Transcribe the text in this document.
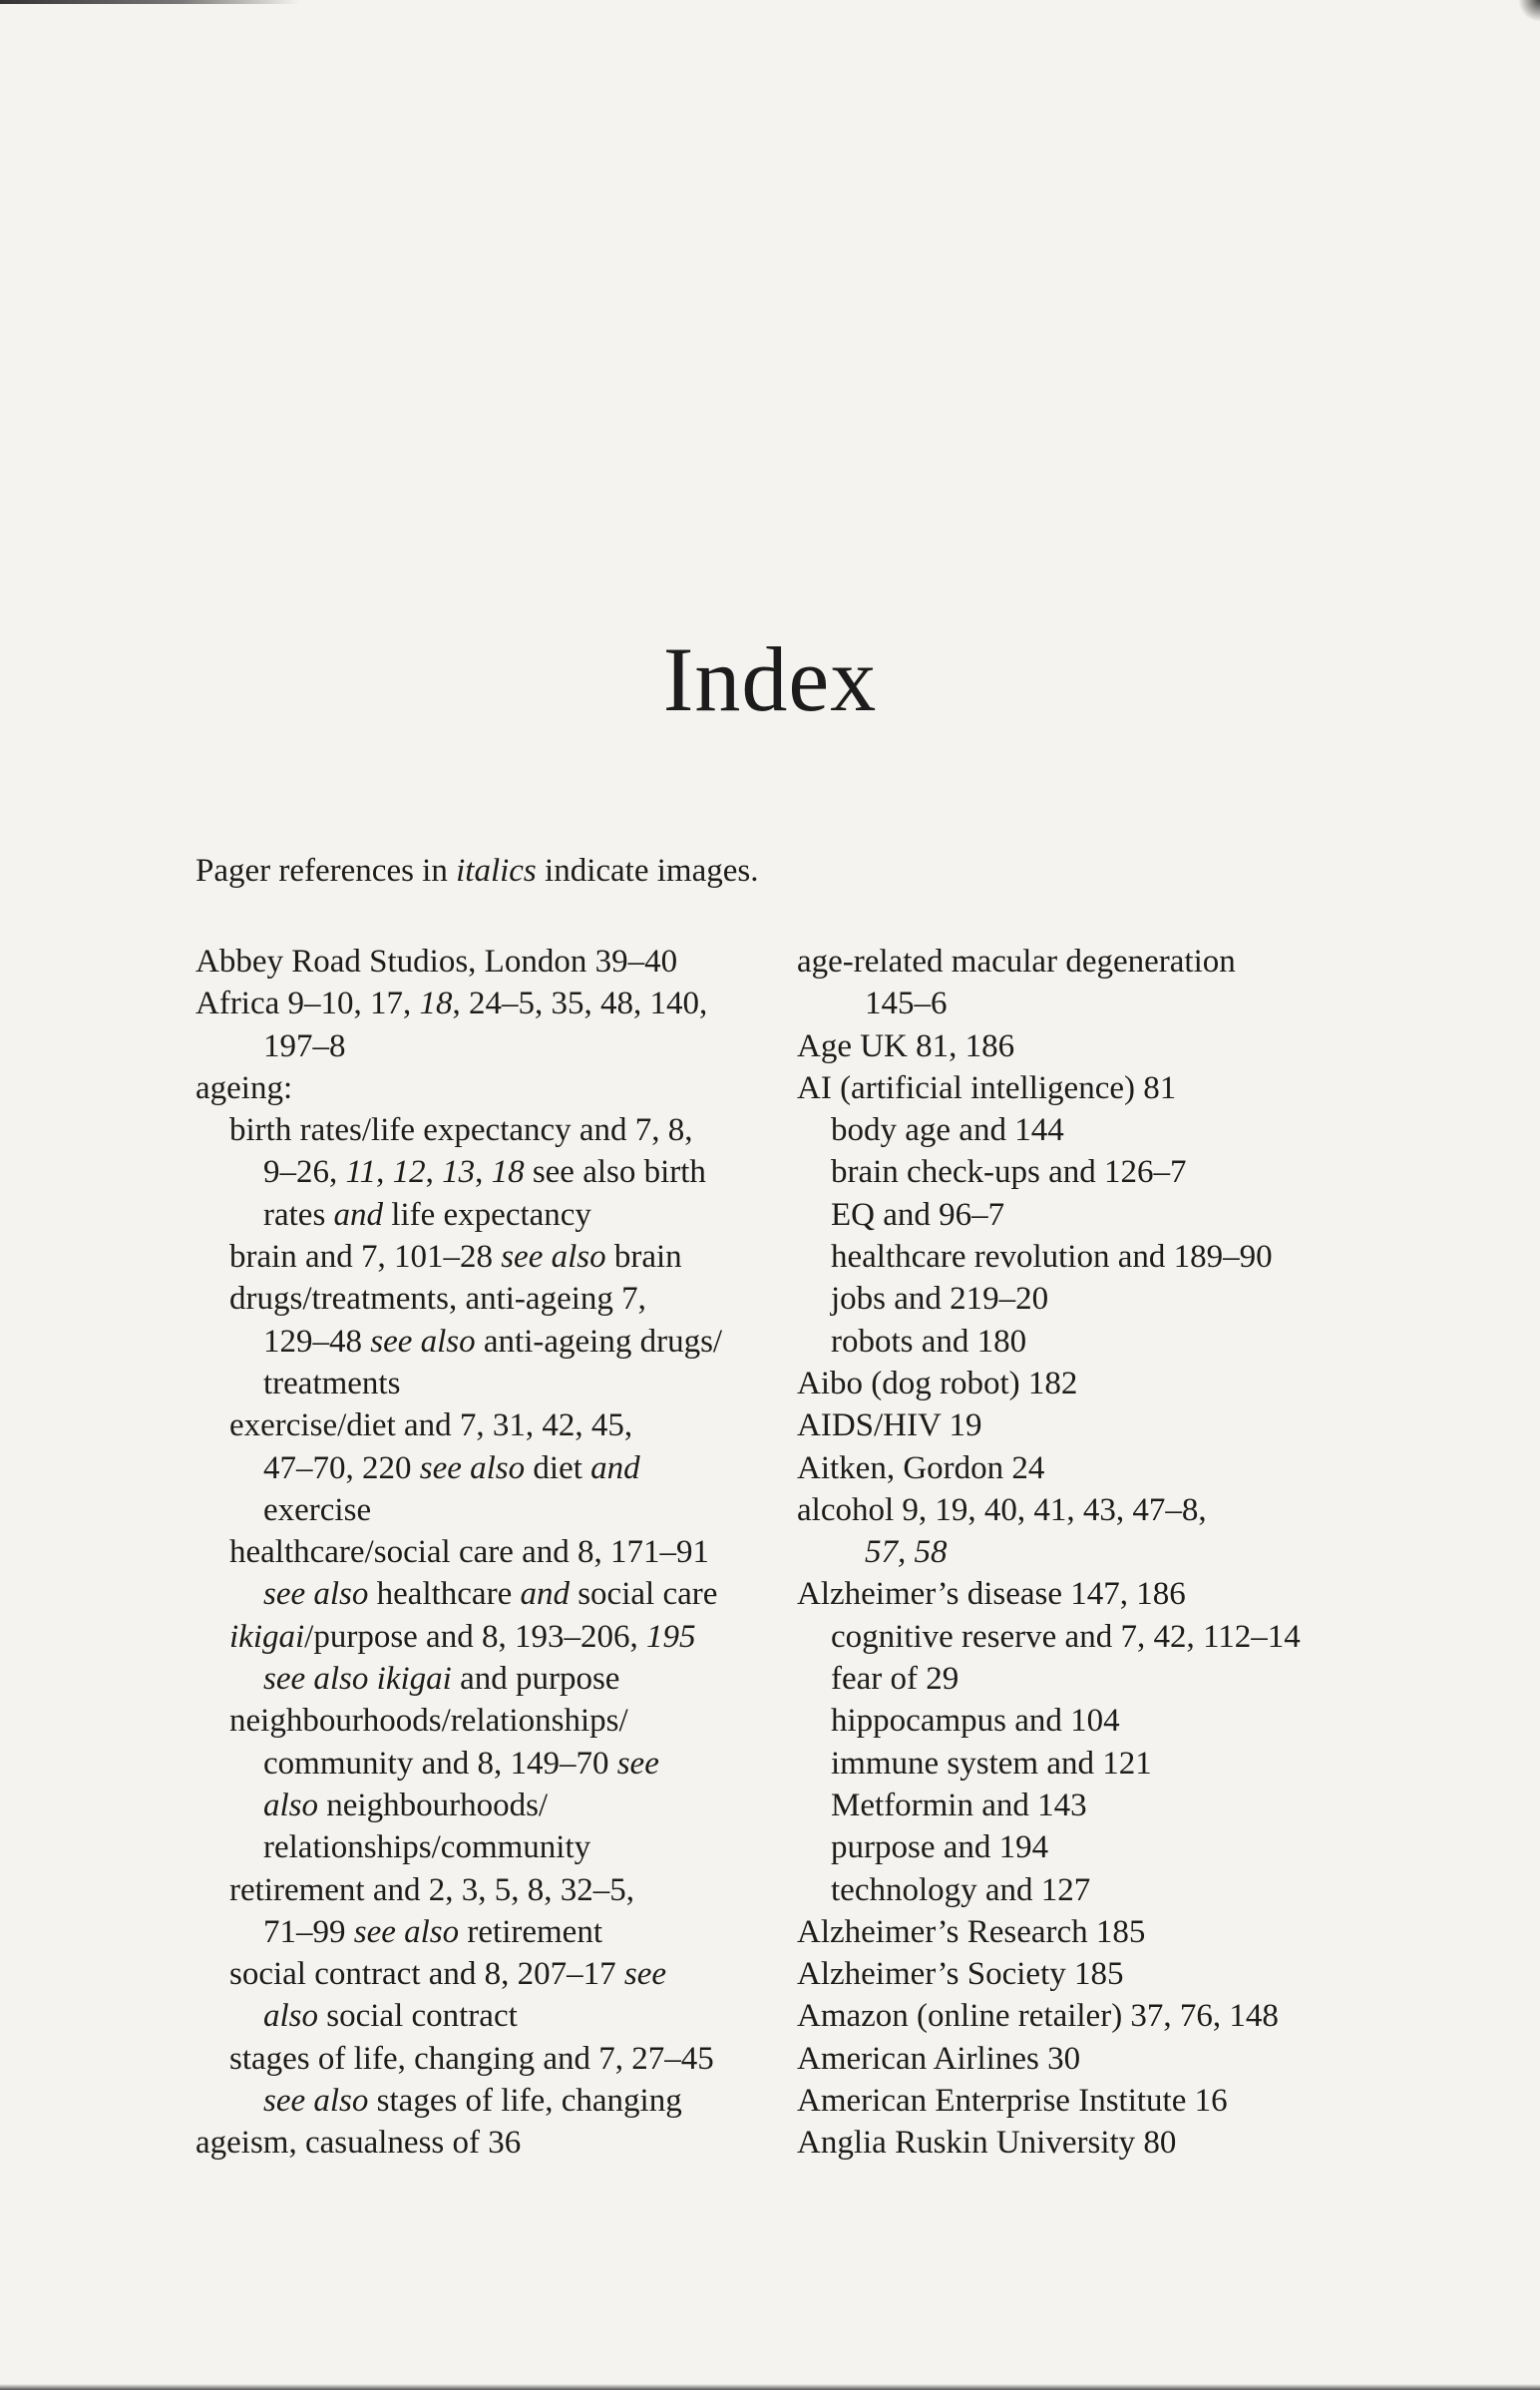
Index

Pager references in italics indicate images.

Abbey Road Studios, London 39–40
Africa 9–10, 17, 18, 24–5, 35, 48, 140,
197–8
ageing:
birth rates/life expectancy and 7, 8,
9–26, 11, 12, 13, 18 see also birth
rates and life expectancy
brain and 7, 101–28 see also brain
drugs/treatments, anti-ageing 7,
129–48 see also anti-ageing drugs/
treatments
exercise/diet and 7, 31, 42, 45,
47–70, 220 see also diet and
exercise
healthcare/social care and 8, 171–91
see also healthcare and social care
ikigai/purpose and 8, 193–206, 195
see also ikigai and purpose
neighbourhoods/relationships/
community and 8, 149–70 see
also neighbourhoods/
relationships/community
retirement and 2, 3, 5, 8, 32–5,
71–99 see also retirement
social contract and 8, 207–17 see
also social contract
stages of life, changing and 7, 27–45
see also stages of life, changing
ageism, casualness of 36
age-related macular degeneration
145–6
Age UK 81, 186
AI (artificial intelligence) 81
body age and 144
brain check-ups and 126–7
EQ and 96–7
healthcare revolution and 189–90
jobs and 219–20
robots and 180
Aibo (dog robot) 182
AIDS/HIV 19
Aitken, Gordon 24
alcohol 9, 19, 40, 41, 43, 47–8,
57, 58
Alzheimer’s disease 147, 186
cognitive reserve and 7, 42, 112–14
fear of 29
hippocampus and 104
immune system and 121
Metformin and 143
purpose and 194
technology and 127
Alzheimer’s Research 185
Alzheimer’s Society 185
Amazon (online retailer) 37, 76, 148
American Airlines 30
American Enterprise Institute 16
Anglia Ruskin University 80
